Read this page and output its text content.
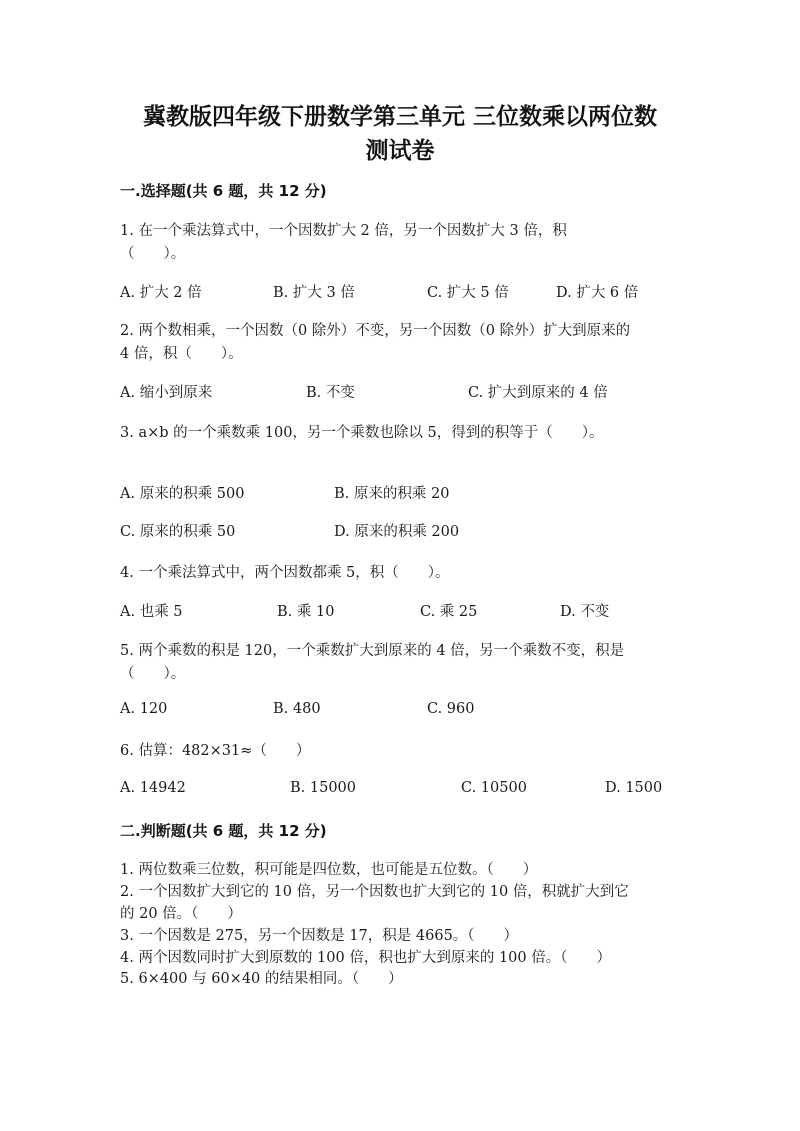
冀教版四年级下册数学第三单元 三位数乘以两位数
测试卷
一.选择题(共 6 题，共 12 分)
1. 在一个乘法算式中，一个因数扩大 2 倍，另一个因数扩大 3 倍，积
（　　）。
A. 扩大 2 倍	B. 扩大 3 倍	C. 扩大 5 倍	D. 扩大 6 倍
2. 两个数相乘，一个因数（0 除外）不变，另一个因数（0 除外）扩大到原来的
4 倍，积（　　）。
A. 缩小到原来	B. 不变	C. 扩大到原来的 4 倍
3. a×b 的一个乘数乘 100，另一个乘数也除以 5，得到的积等于（　　）。
A. 原来的积乘 500	B. 原来的积乘 20
C. 原来的积乘 50	D. 原来的积乘 200
4. 一个乘法算式中，两个因数都乘 5，积（　　）。
A. 也乘 5	B. 乘 10	C. 乘 25	D. 不变
5. 两个乘数的积是 120，一个乘数扩大到原来的 4 倍，另一个乘数不变，积是
（　　）。
A. 120	B. 480	C. 960
6. 估算：482×31≈（　　）
A. 14942	B. 15000	C. 10500	D. 1500
二.判断题(共 6 题，共 12 分)
1. 两位数乘三位数，积可能是四位数，也可能是五位数。（　　）
2. 一个因数扩大到它的 10 倍，另一个因数也扩大到它的 10 倍，积就扩大到它
的 20 倍。（　　）
3. 一个因数是 275，另一个因数是 17，积是 4665。（　　）
4. 两个因数同时扩大到原数的 100 倍，积也扩大到原来的 100 倍。（　　）
5. 6×400 与 60×40 的结果相同。（　　）
